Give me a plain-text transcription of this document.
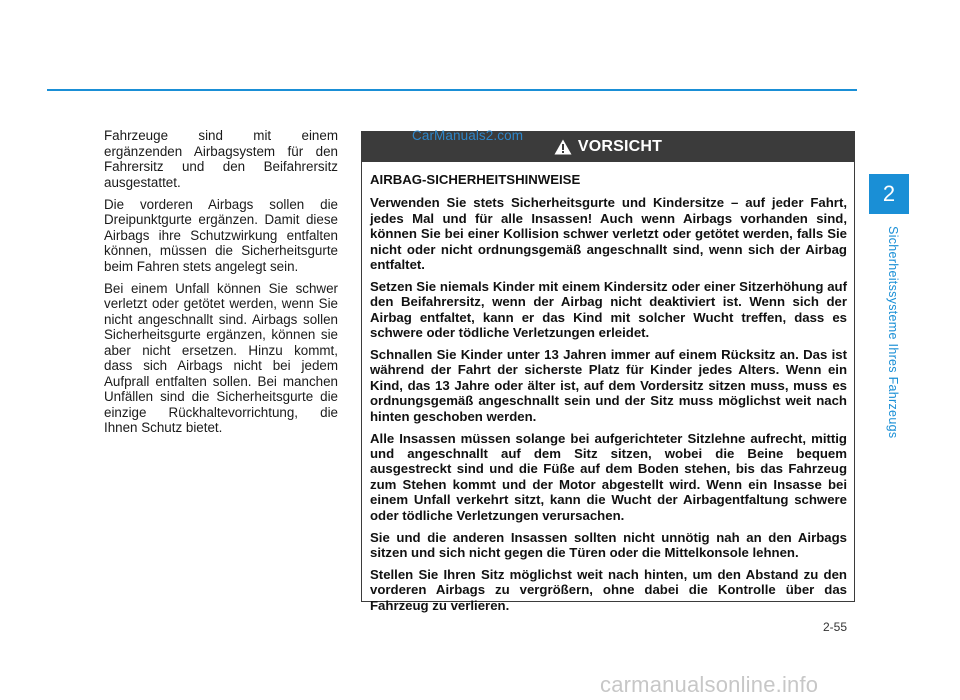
Fahrzeuge sind mit einem ergänzenden Airbagsystem für den Fahrersitz und den Beifahrersitz ausgestattet.

Die vorderen Airbags sollen die Dreipunktgurte ergänzen. Damit diese Airbags ihre Schutzwirkung entfalten können, müssen die Sicherheitsgurte beim Fahren stets angelegt sein.

Bei einem Unfall können Sie schwer verletzt oder getötet werden, wenn Sie nicht angeschnallt sind. Airbags sollen Sicherheitsgurte ergänzen, können sie aber nicht ersetzen. Hinzu kommt, dass sich Airbags nicht bei jedem Aufprall entfalten sollen. Bei manchen Unfällen sind die Sicherheitsgurte die einzige Rückhaltevorrichtung, die Ihnen Schutz bietet.

VORSICHT
AIRBAG-SICHERHEITSHINWEISE

Verwenden Sie stets Sicherheitsgurte und Kindersitze – auf jeder Fahrt, jedes Mal und für alle Insassen! Auch wenn Airbags vorhanden sind, können Sie bei einer Kollision schwer verletzt oder getötet werden, falls Sie nicht oder nicht ordnungsgemäß angeschnallt sind, wenn sich der Airbag entfaltet.

Setzen Sie niemals Kinder mit einem Kindersitz oder einer Sitzerhöhung auf den Beifahrersitz, wenn der Airbag nicht deaktiviert ist. Wenn sich der Airbag entfaltet, kann er das Kind mit solcher Wucht treffen, dass es schwere oder tödliche Verletzungen erleidet.

Schnallen Sie Kinder unter 13 Jahren immer auf einem Rücksitz an. Das ist während der Fahrt der sicherste Platz für Kinder jedes Alters. Wenn ein Kind, das 13 Jahre oder älter ist, auf dem Vordersitz sitzen muss, muss es ordnungsgemäß angeschnallt sein und der Sitz muss möglichst weit nach hinten geschoben werden.

Alle Insassen müssen solange bei aufgerichteter Sitzlehne aufrecht, mittig und angeschnallt auf dem Sitz sitzen, wobei die Beine bequem ausgestreckt sind und die Füße auf dem Boden stehen, bis das Fahrzeug zum Stehen kommt und der Motor abgestellt wird. Wenn ein Insasse bei einem Unfall verkehrt sitzt, kann die Wucht der Airbagentfaltung schwere oder tödliche Verletzungen verursachen.

Sie und die anderen Insassen sollten nicht unnötig nah an den Airbags sitzen und sich nicht gegen die Türen oder die Mittelkonsole lehnen.

Stellen Sie Ihren Sitz möglichst weit nach hinten, um den Abstand zu den vorderen Airbags zu vergrößern, ohne dabei die Kontrolle über das Fahrzeug zu verlieren.

CarManuals2.com
2
Sicherheitssysteme Ihres Fahrzeugs
2-55
carmanualsonline.info
